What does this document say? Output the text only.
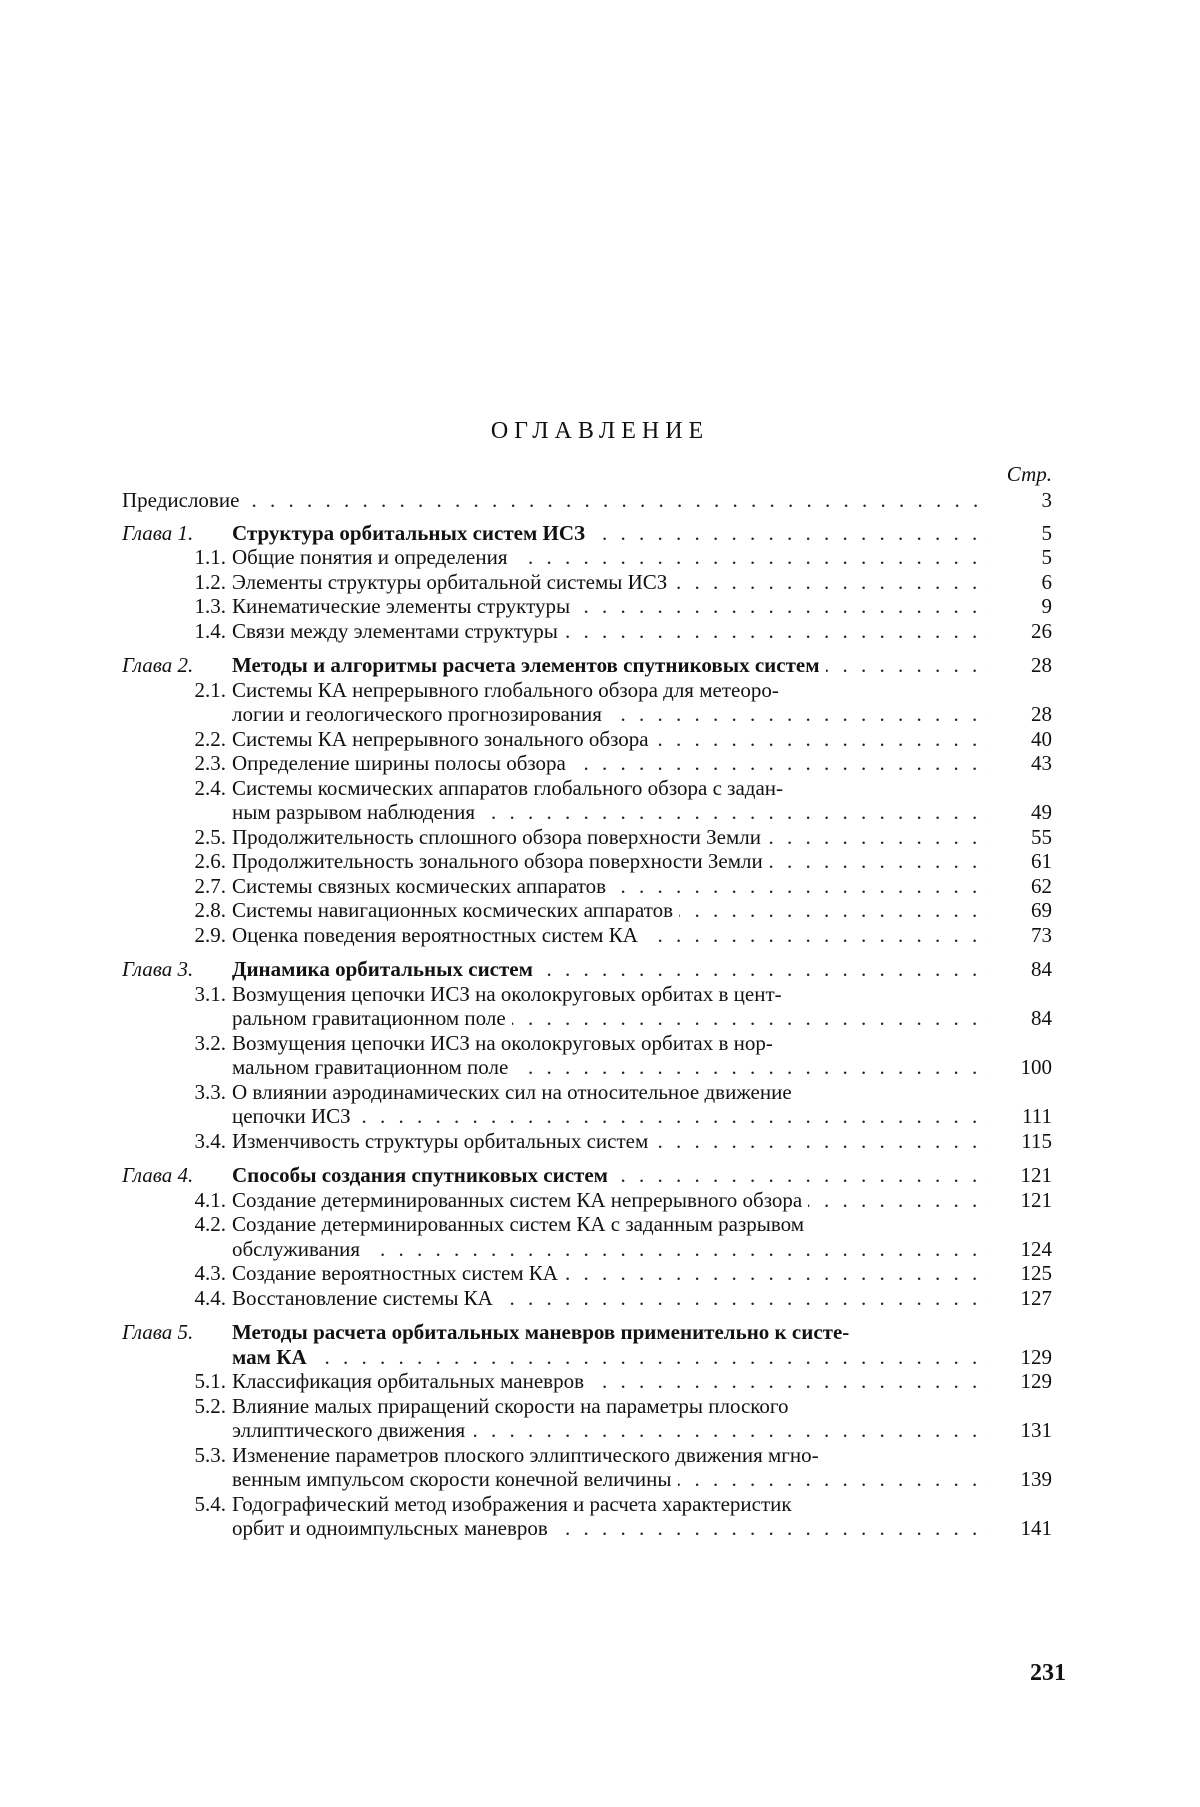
ОГЛАВЛЕНИЕ
Стр.
Предисловие . .	3
Глава 1.	Структура орбитальных систем ИСЗ . .	5
1.1. Общие понятия и определения . .	5
1.2. Элементы структуры орбитальной системы ИСЗ . .	6
1.3. Кинематические элементы структуры . .	9
1.4. Связи между элементами структуры . .	26
Глава 2.	Методы и алгоритмы расчета элементов спутниковых систем . .	28
2.1. Системы КА непрерывного глобального обзора для метеоро-
логии и геологического прогнозирования . .	28
2.2. Системы КА непрерывного зонального обзора . .	40
2.3. Определение ширины полосы обзора . .	43
2.4. Системы космических аппаратов глобального обзора с задан-
ным разрывом наблюдения . .	49
2.5. Продолжительность сплошного обзора поверхности Земли . .	55
2.6. Продолжительность зонального обзора поверхности Земли . .	61
2.7. Системы связных космических аппаратов . .	62
2.8. Системы навигационных космических аппаратов . .	69
2.9. Оценка поведения вероятностных систем КА . .	73
Глава 3.	Динамика орбитальных систем . .	84
3.1. Возмущения цепочки ИСЗ на околокруговых орбитах в цент-
ральном гравитационном поле . .	84
3.2. Возмущения цепочки ИСЗ на околокруговых орбитах в нор-
мальном гравитационном поле . .	100
3.3. О влиянии аэродинамических сил на относительное движение
цепочки ИСЗ . .	111
3.4. Изменчивость структуры орбитальных систем . .	115
Глава 4.	Способы создания спутниковых систем . .	121
4.1. Создание детерминированных систем КА непрерывного обзора . .	121
4.2. Создание детерминированных систем КА с заданным разрывом
обслуживания . .	124
4.3. Создание вероятностных систем КА . .	125
4.4. Восстановление системы КА . .	127
Глава 5.	Методы расчета орбитальных маневров применительно к систе-
мам КА . .	129
5.1. Классификация орбитальных маневров . .	129
5.2. Влияние малых приращений скорости на параметры плоского
эллиптического движения . .	131
5.3. Изменение параметров плоского эллиптического движения мгно-
венным импульсом скорости конечной величины . .	139
5.4. Годографический метод изображения и расчета характеристик
орбит и одноимпульсных маневров . .	141
231
